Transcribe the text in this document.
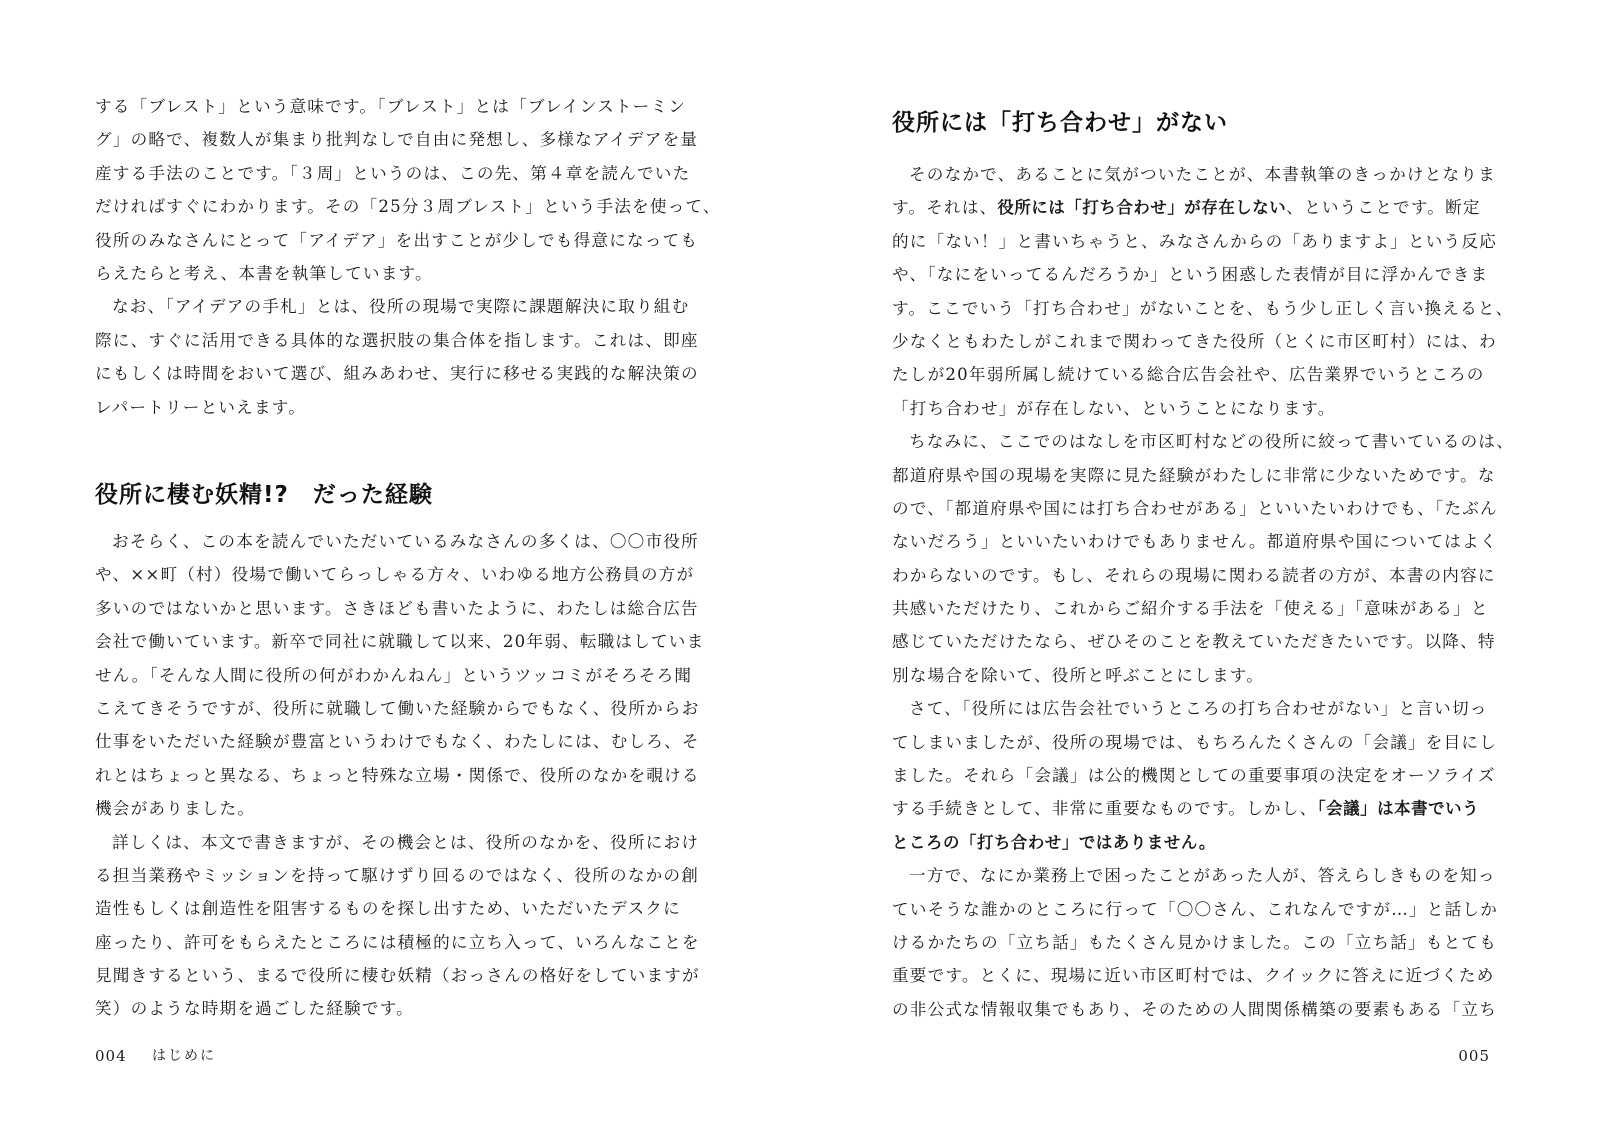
する「ブレスト」という意味です。「ブレスト」とは「ブレインストーミン

グ」の略で、複数人が集まり批判なしで自由に発想し、多様なアイデアを量

産する手法のことです。「３周」というのは、この先、第４章を読んでいた

だければすぐにわかります。その「25分３周ブレスト」という手法を使って、

役所のみなさんにとって「アイデア」を出すことが少しでも得意になっても

らえたらと考え、本書を執筆しています。

なお、「アイデアの手札」とは、役所の現場で実際に課題解決に取り組む

際に、すぐに活用できる具体的な選択肢の集合体を指します。これは、即座

にもしくは時間をおいて選び、組みあわせ、実行に移せる実践的な解決策の

レパートリーといえます。

役所に棲む妖精!?　だった経験

おそらく、この本を読んでいただいているみなさんの多くは、〇〇市役所

や、××町（村）役場で働いてらっしゃる方々、いわゆる地方公務員の方が

多いのではないかと思います。さきほども書いたように、わたしは総合広告

会社で働いています。新卒で同社に就職して以来、20年弱、転職はしていま

せん。「そんな人間に役所の何がわかんねん」というツッコミがそろそろ聞

こえてきそうですが、役所に就職して働いた経験からでもなく、役所からお

仕事をいただいた経験が豊富というわけでもなく、わたしには、むしろ、そ

れとはちょっと異なる、ちょっと特殊な立場・関係で、役所のなかを覗ける

機会がありました。

詳しくは、本文で書きますが、その機会とは、役所のなかを、役所におけ

る担当業務やミッションを持って駆けずり回るのではなく、役所のなかの創

造性もしくは創造性を阻害するものを探し出すため、いただいたデスクに

座ったり、許可をもらえたところには積極的に立ち入って、いろんなことを

見聞きするという、まるで役所に棲む妖精（おっさんの格好をしていますが

笑）のような時期を過ごした経験です。

004 はじめに
役所には「打ち合わせ」がない

そのなかで、あることに気がついたことが、本書執筆のきっかけとなりま

す。それは、役所には「打ち合わせ」が存在しない、ということです。断定

的に「ない！」と書いちゃうと、みなさんからの「ありますよ」という反応

や、「なにをいってるんだろうか」という困惑した表情が目に浮かんできま

す。ここでいう「打ち合わせ」がないことを、もう少し正しく言い換えると、

少なくともわたしがこれまで関わってきた役所（とくに市区町村）には、わ

たしが20年弱所属し続けている総合広告会社や、広告業界でいうところの

「打ち合わせ」が存在しない、ということになります。

ちなみに、ここでのはなしを市区町村などの役所に絞って書いているのは、

都道府県や国の現場を実際に見た経験がわたしに非常に少ないためです。な

ので、「都道府県や国には打ち合わせがある」といいたいわけでも、「たぶん

ないだろう」といいたいわけでもありません。都道府県や国についてはよく

わからないのです。もし、それらの現場に関わる読者の方が、本書の内容に

共感いただけたり、これからご紹介する手法を「使える」「意味がある」と

感じていただけたなら、ぜひそのことを教えていただきたいです。以降、特

別な場合を除いて、役所と呼ぶことにします。

さて、「役所には広告会社でいうところの打ち合わせがない」と言い切っ

てしまいましたが、役所の現場では、もちろんたくさんの「会議」を目にし

ました。それら「会議」は公的機関としての重要事項の決定をオーソライズ

する手続きとして、非常に重要なものです。しかし、「会議」は本書でいう

ところの「打ち合わせ」ではありません。

一方で、なにか業務上で困ったことがあった人が、答えらしきものを知っ

ていそうな誰かのところに行って「〇〇さん、これなんですが…」と話しか

けるかたちの「立ち話」もたくさん見かけました。この「立ち話」もとても

重要です。とくに、現場に近い市区町村では、クイックに答えに近づくため

の非公式な情報収集でもあり、そのための人間関係構築の要素もある「立ち

005
